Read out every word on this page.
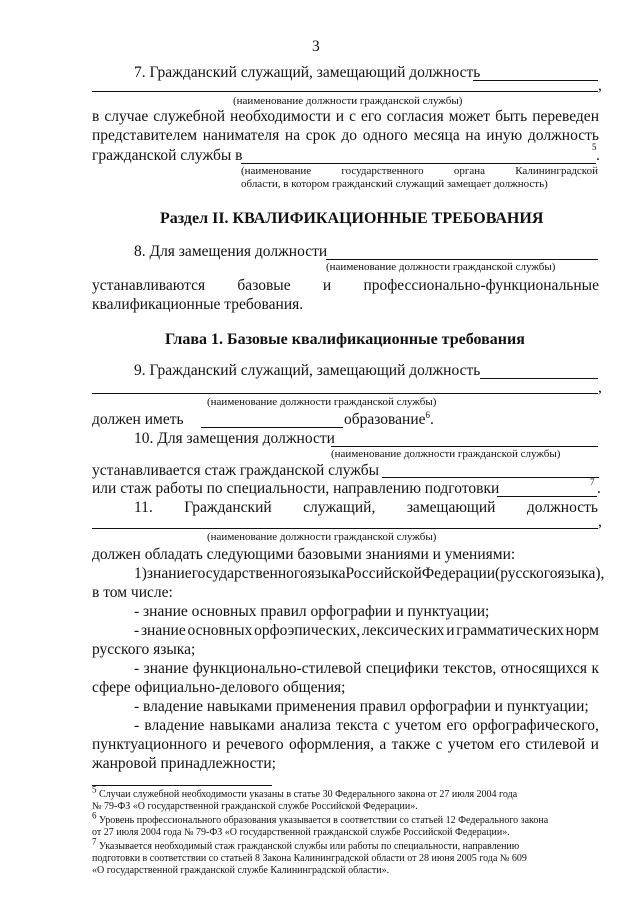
3
7. Гражданский служащий, замещающий должность
,
(наименование должности гражданской службы)
в случае служебной необходимости и с его согласия может быть переведен
представителем нанимателя на срок до одного месяца на иную должность
гражданской службы в	.
5
(наименование	государственного	органа	Калининградской
области, в котором гражданский служащий замещает должность)
Раздел II. КВАЛИФИКАЦИОННЫЕ ТРЕБОВАНИЯ
8. Для замещения должности
(наименование должности гражданской службы)
устанавливаются базовые и профессионально-функциональные
квалификационные требования.
Глава 1. Базовые квалификационные требования
9. Гражданский служащий, замещающий должность
,
(наименование должности гражданской службы)
должен иметь	образование$^6$.
10. Для замещения должности
(наименование должности гражданской службы)
устанавливается стаж гражданской службы
или стаж работы по специальности, направлению подготовки	7 .
11. Гражданский служащий, замещающий должность
,
(наименование должности гражданской службы)
должен обладать следующими базовыми знаниями и умениями:
1) знание государственного языка Российской Федерации (русского языка),
в том числе:
- знание основных правил орфографии и пунктуации;
- знание основных орфоэпических, лексических и грамматических норм
русского языка;
- знание функционально-стилевой специфики текстов, относящихся к
сфере официально-делового общения;
- владение навыками применения правил орфографии и пунктуации;
- владение навыками анализа текста с учетом его орфографического,
пунктуационного и речевого оформления, а также с учетом его стилевой и
жанровой принадлежности;
$^5$ Случаи служебной необходимости указаны в статье 30 Федерального закона от 27 июля 2004 года
№ 79-ФЗ «О государственной гражданской службе Российской Федерации».
$^6$ Уровень профессионального образования указывается в соответствии со статьей 12 Федерального закона
от 27 июля 2004 года № 79-ФЗ «О государственной гражданской службе Российской Федерации».
$^7$ Указывается необходимый стаж гражданской службы или работы по специальности, направлению
подготовки в соответствии со статьей 8 Закона Калининградской области от 28 июня 2005 года № 609
«О государственной гражданской службе Калининградской области».
